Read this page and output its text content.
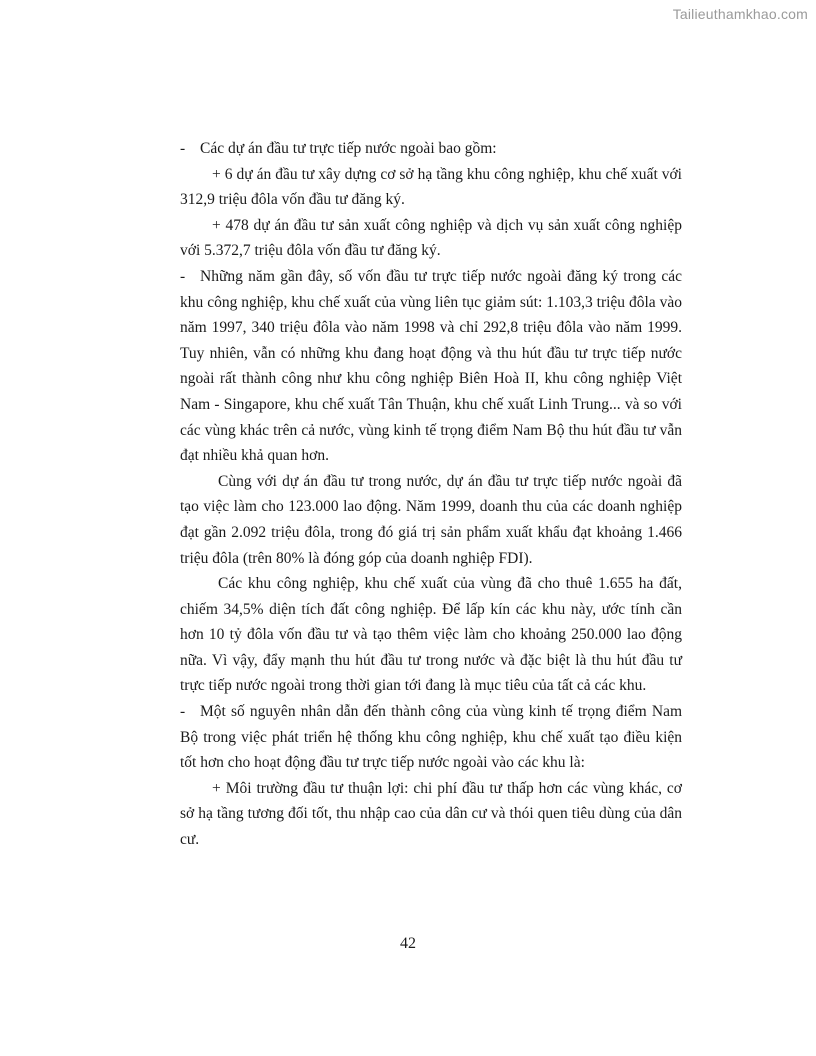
Tailieuthamkhao.com

- Các dự án đầu tư trực tiếp nước ngoài bao gồm:

+ 6 dự án đầu tư xây dựng cơ sở hạ tầng khu công nghiệp, khu chế xuất với 312,9 triệu đôla vốn đầu tư đăng ký.

+ 478 dự án đầu tư sản xuất công nghiệp và dịch vụ sản xuất công nghiệp với 5.372,7 triệu đôla vốn đầu tư đăng ký.

- Những năm gần đây, số vốn đầu tư trực tiếp nước ngoài đăng ký trong các khu công nghiệp, khu chế xuất của vùng liên tục giảm sút: 1.103,3 triệu đôla vào năm 1997, 340 triệu đôla vào năm 1998 và chỉ 292,8 triệu đôla vào năm 1999. Tuy nhiên, vẫn có những khu đang hoạt động và thu hút đầu tư trực tiếp nước ngoài rất thành công như khu công nghiệp Biên Hoà II, khu công nghiệp Việt Nam - Singapore, khu chế xuất Tân Thuận, khu chế xuất Linh Trung... và so với các vùng khác trên cả nước, vùng kinh tế trọng điểm Nam Bộ thu hút đầu tư vẫn đạt nhiều khả quan hơn.

Cùng với dự án đầu tư trong nước, dự án đầu tư trực tiếp nước ngoài đã tạo việc làm cho 123.000 lao động. Năm 1999, doanh thu của các doanh nghiệp đạt gần 2.092 triệu đôla, trong đó giá trị sản phẩm xuất khẩu đạt khoảng 1.466 triệu đôla (trên 80% là đóng góp của doanh nghiệp FDI).

Các khu công nghiệp, khu chế xuất của vùng đã cho thuê 1.655 ha đất, chiếm 34,5% diện tích đất công nghiệp. Để lấp kín các khu này, ước tính cần hơn 10 tỷ đôla vốn đầu tư và tạo thêm việc làm cho khoảng 250.000 lao động nữa. Vì vậy, đẩy mạnh thu hút đầu tư trong nước và đặc biệt là thu hút đầu tư trực tiếp nước ngoài trong thời gian tới đang là mục tiêu của tất cả các khu.

- Một số nguyên nhân dẫn đến thành công của vùng kinh tế trọng điểm Nam Bộ trong việc phát triển hệ thống khu công nghiệp, khu chế xuất tạo điều kiện tốt hơn cho hoạt động đầu tư trực tiếp nước ngoài vào các khu là:

+ Môi trường đầu tư thuận lợi: chi phí đầu tư thấp hơn các vùng khác, cơ sở hạ tầng tương đối tốt, thu nhập cao của dân cư và thói quen tiêu dùng của dân cư.

42
